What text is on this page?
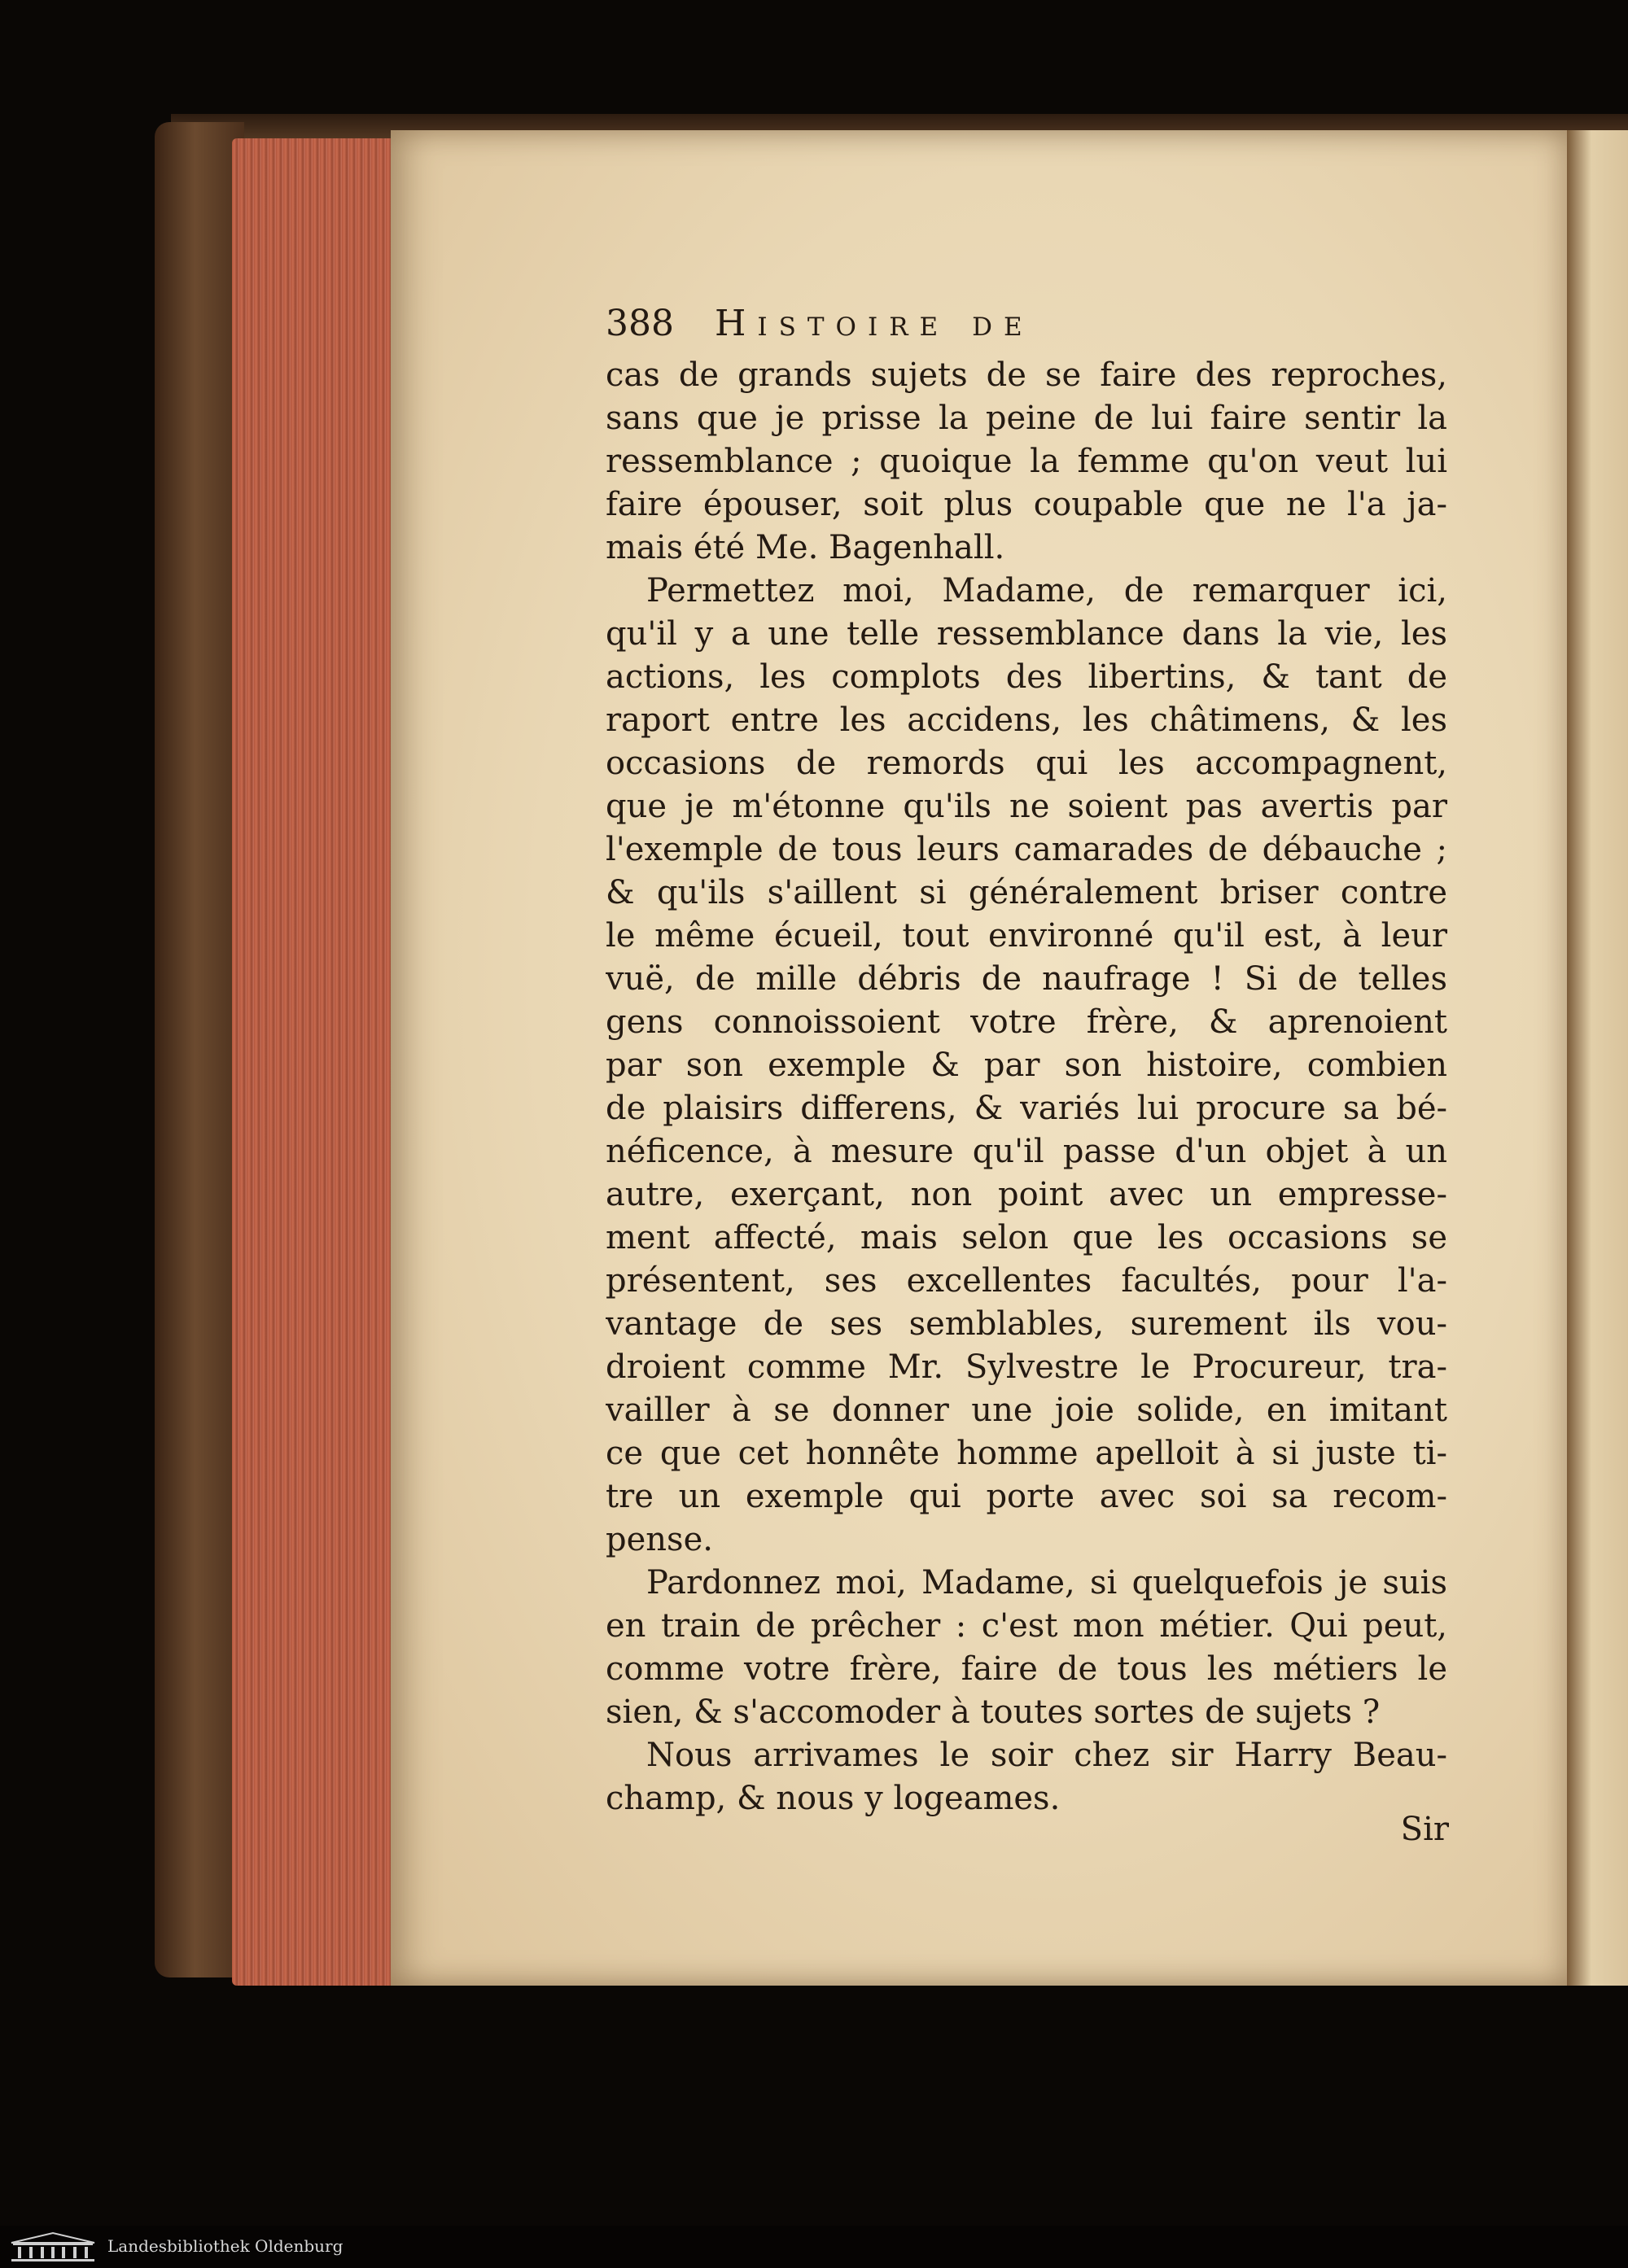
388 Histoire de
cas de grands sujets de se faire des reproches,
sans que je prisse la peine de lui faire sentir la
ressemblance ; quoique la femme qu'on veut lui
faire épouser, soit plus coupable que ne l'a ja-
mais été Me. Bagenhall.
Permettez moi, Madame, de remarquer ici,
qu'il y a une telle ressemblance dans la vie, les
actions, les complots des libertins, & tant de
raport entre les accidens, les châtimens, & les
occasions de remords qui les accompagnent,
que je m'étonne qu'ils ne soient pas avertis par
l'exemple de tous leurs camarades de débauche ;
& qu'ils s'aillent si généralement briser contre
le même écueil, tout environné qu'il est, à leur
vuë, de mille débris de naufrage ! Si de telles
gens connoissoient votre frère, & aprenoient
par son exemple & par son histoire, combien
de plaisirs differens, & variés lui procure sa bé-
néficence, à mesure qu'il passe d'un objet à un
autre, exerçant, non point avec un empresse-
ment affecté, mais selon que les occasions se
présentent, ses excellentes facultés, pour l'a-
vantage de ses semblables, surement ils vou-
droient comme Mr. Sylvestre le Procureur, tra-
vailler à se donner une joie solide, en imitant
ce que cet honnête homme apelloit à si juste ti-
tre un exemple qui porte avec soi sa recom-
pense.
Pardonnez moi, Madame, si quelquefois je suis
en train de prêcher : c'est mon métier. Qui peut,
comme votre frère, faire de tous les métiers le
sien, & s'accomoder à toutes sortes de sujets ?
Nous arrivames le soir chez sir Harry Beau-
champ, & nous y logeames.
Sir
Landesbibliothek Oldenburg
